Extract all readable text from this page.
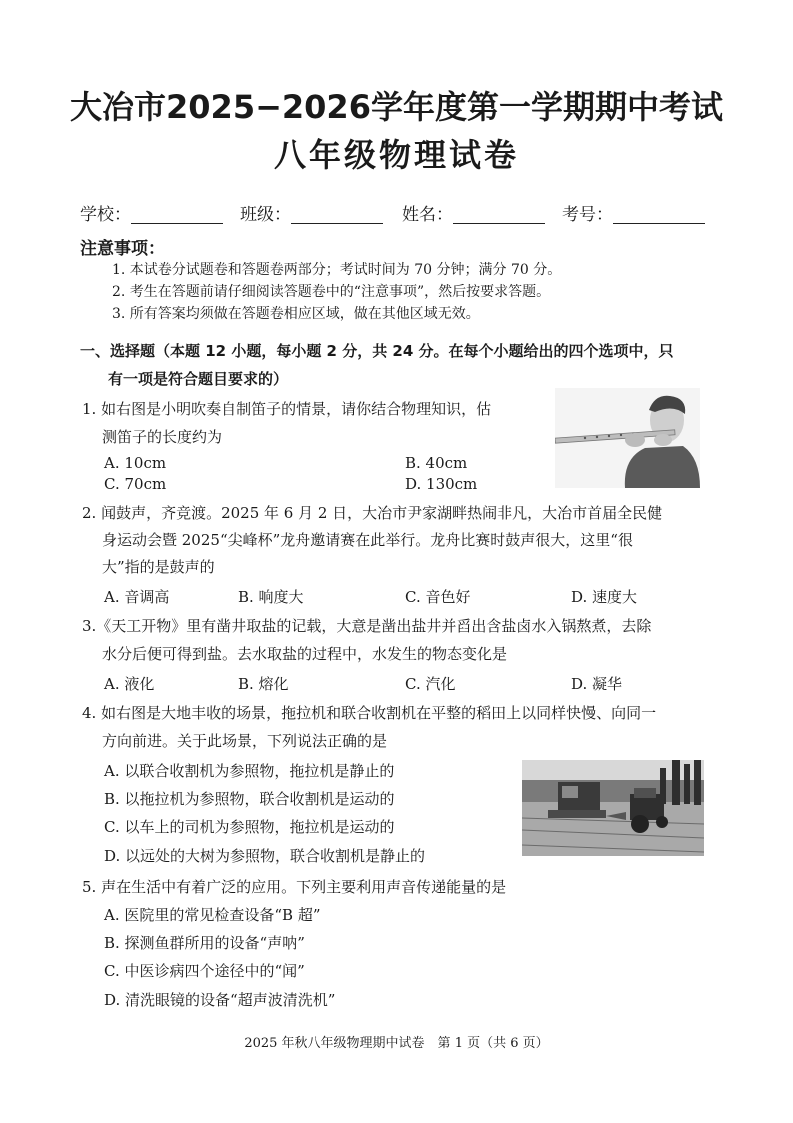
大冶市2025−2026学年度第一学期期中考试
八年级物理试卷
学校：	班级：	姓名：	考号：
注意事项：
1. 本试卷分试题卷和答题卷两部分；考试时间为 70 分钟；满分 70 分。
2. 考生在答题前请仔细阅读答题卷中的“注意事项”，然后按要求答题。
3. 所有答案均须做在答题卷相应区域，做在其他区域无效。
一、选择题（本题 12 小题，每小题 2 分，共 24 分。在每个小题给出的四个选项中，只
有一项是符合题目要求的）
1. 如右图是小明吹奏自制笛子的情景，请你结合物理知识，估
测笛子的长度约为
A. 10cm	B. 40cm
C. 70cm	D. 130cm
2. 闻鼓声，齐竞渡。2025 年 6 月 2 日，大冶市尹家湖畔热闹非凡，大冶市首届全民健
身运动会暨 2025“尖峰杯”龙舟邀请赛在此举行。龙舟比赛时鼓声很大，这里“很
大”指的是鼓声的
A. 音调高	B. 响度大	C. 音色好	D. 速度大
3.《天工开物》里有凿井取盐的记载，大意是凿出盐井并舀出含盐卤水入锅熬煮，去除
水分后便可得到盐。去水取盐的过程中，水发生的物态变化是
A. 液化	B. 熔化	C. 汽化	D. 凝华
4. 如右图是大地丰收的场景，拖拉机和联合收割机在平整的稻田上以同样快慢、向同一
方向前进。关于此场景，下列说法正确的是
A. 以联合收割机为参照物，拖拉机是静止的
B. 以拖拉机为参照物，联合收割机是运动的
C. 以车上的司机为参照物，拖拉机是运动的
D. 以远处的大树为参照物，联合收割机是静止的
5. 声在生活中有着广泛的应用。下列主要利用声音传递能量的是
A. 医院里的常见检查设备“B 超”
B. 探测鱼群所用的设备“声呐”
C. 中医诊病四个途径中的“闻”
D. 清洗眼镜的设备“超声波清洗机”
2025 年秋八年级物理期中试卷　第 1 页（共 6 页）
